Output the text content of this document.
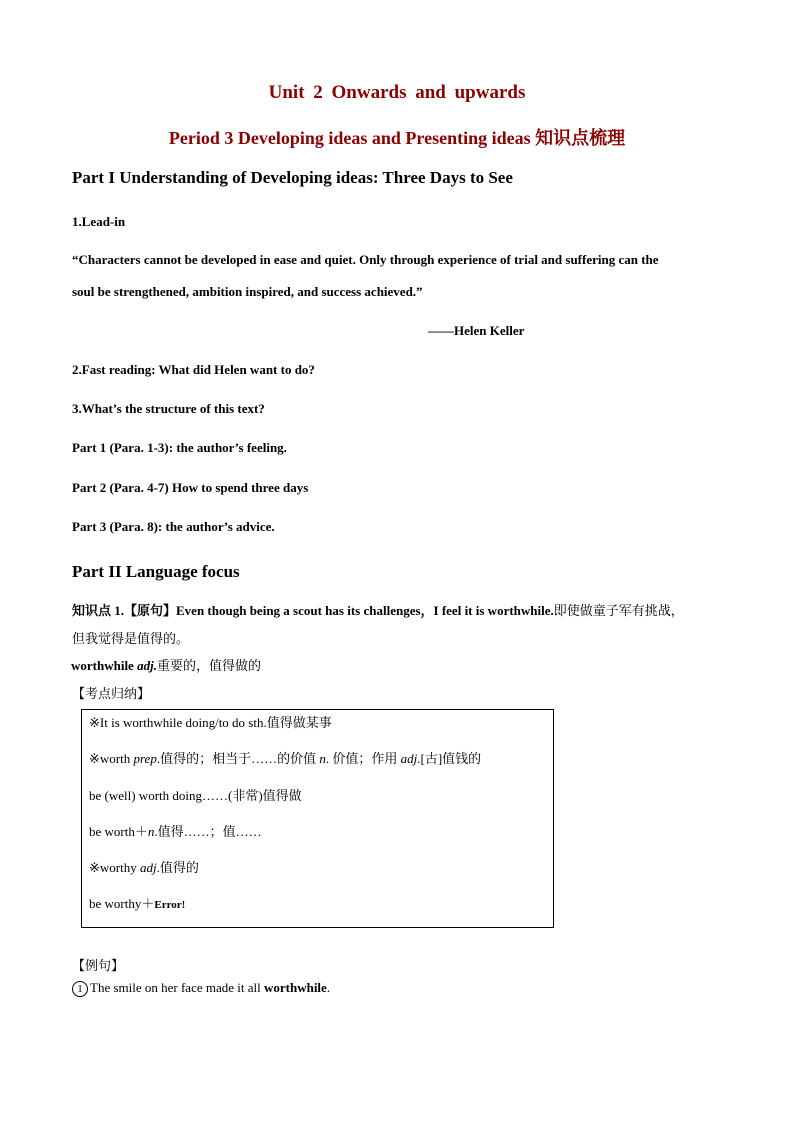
Unit 2 Onwards and upwards
Period 3 Developing ideas and Presenting ideas 知识点梳理
Part I Understanding of Developing ideas: Three Days to See
1.Lead-in
“Characters cannot be developed in ease and quiet. Only through experience of trial and suffering can the
soul be strengthened, ambition inspired, and success achieved.”
——Helen Keller
2.Fast reading: What did Helen want to do?
3.What’s the structure of this text?
Part 1 (Para. 1-3): the author’s feeling.
Part 2 (Para. 4-7) How to spend three days
Part 3 (Para. 8): the author’s advice.
Part II Language focus
知识点 1.【原句】Even though being a scout has its challenges，I feel it is worthwhile.即使做童子军有挑战，
但我觉得是值得的。
worthwhile adj.重要的，值得做的
【考点归纳】
※It is worthwhile doing/to do sth.值得做某事
※worth prep.值得的；相当于……的价值 n. 价值；作用 adj.[古]值钱的
be (well) worth doing……(非常)值得做
be worth＋n.值得……；值……
※worthy adj.值得的
be worthy＋Error!
【例句】
1 The smile on her face made it all worthwhile.
